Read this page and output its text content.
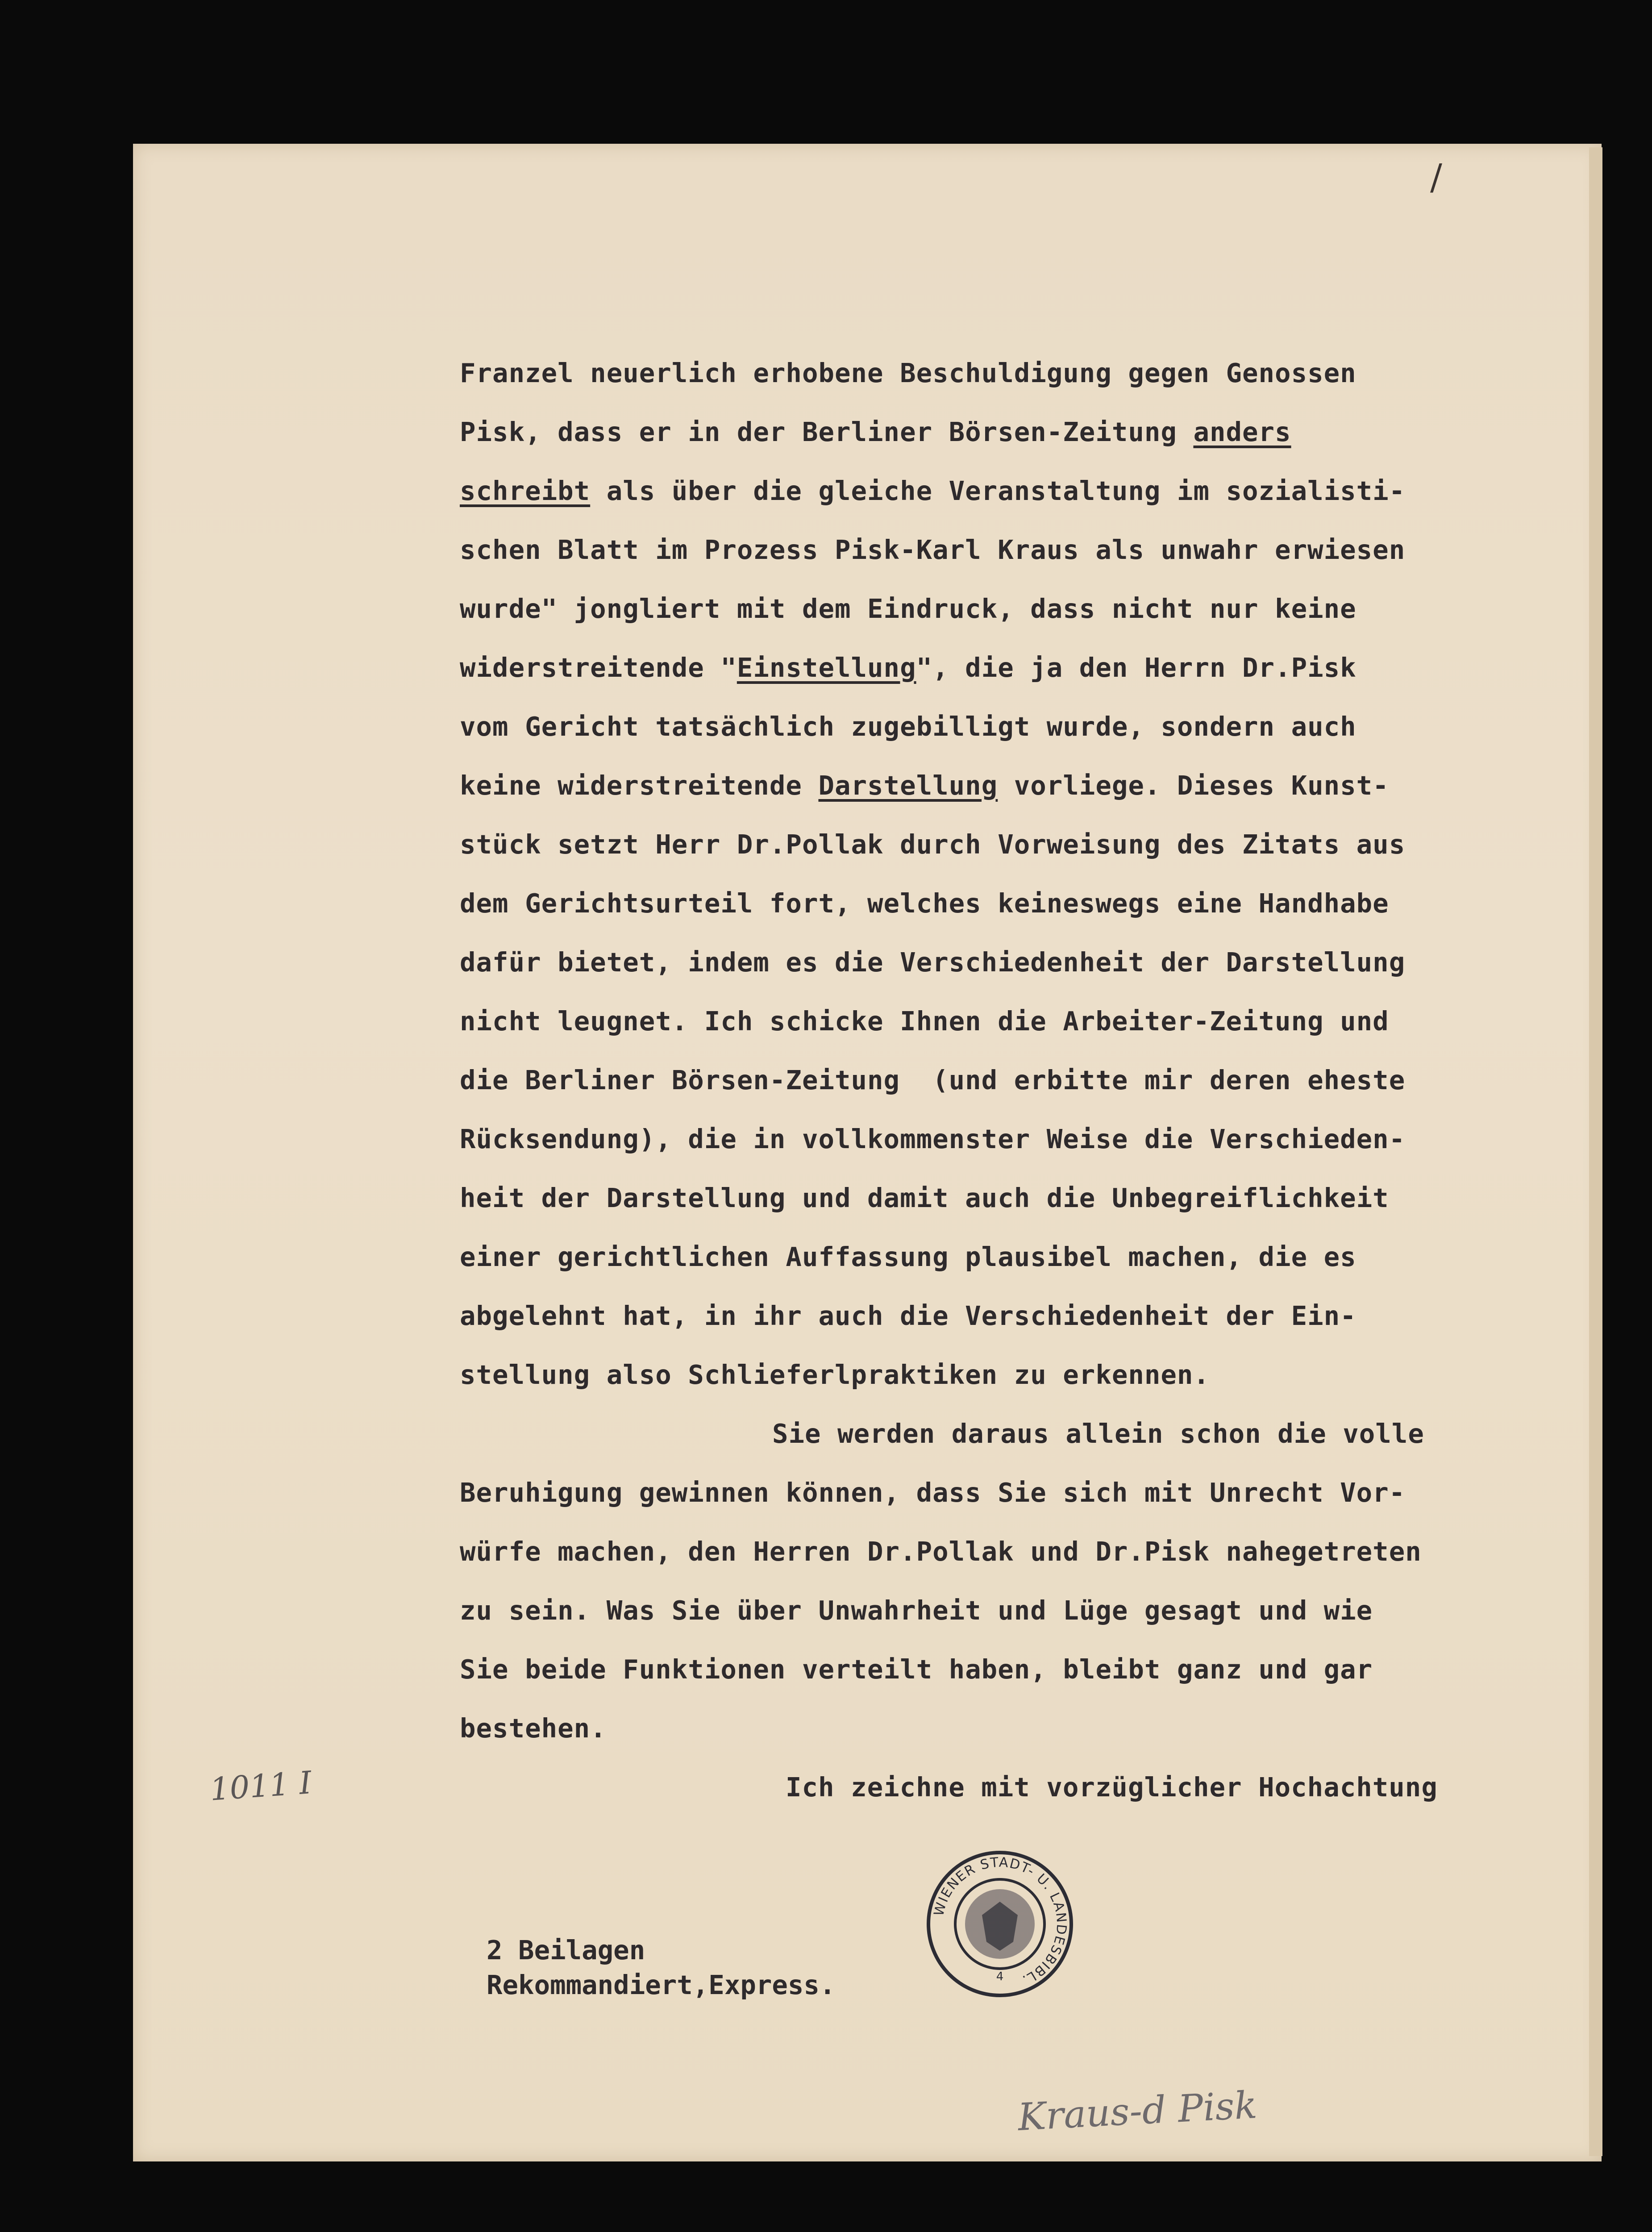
/
Franzel neuerlich erhobene Beschuldigung gegen Genossen
Pisk, dass er in der Berliner Börsen-Zeitung anders
schreibt als über die gleiche Veranstaltung im sozialisti-
schen Blatt im Prozess Pisk-Karl Kraus als unwahr erwiesen
wurde" jongliert mit dem Eindruck, dass nicht nur keine
widerstreitende "Einstellung", die ja den Herrn Dr.Pisk
vom Gericht tatsächlich zugebilligt wurde, sondern auch
keine widerstreitende Darstellung vorliege. Dieses Kunst-
stück setzt Herr Dr.Pollak durch Vorweisung des Zitats aus
dem Gerichtsurteil fort, welches keineswegs eine Handhabe
dafür bietet, indem es die Verschiedenheit der Darstellung
nicht leugnet. Ich schicke Ihnen die Arbeiter-Zeitung und
die Berliner Börsen-Zeitung  (und erbitte mir deren eheste
Rücksendung), die in vollkommenster Weise die Verschieden-
heit der Darstellung und damit auch die Unbegreiflichkeit
einer gerichtlichen Auffassung plausibel machen, die es
abgelehnt hat, in ihr auch die Verschiedenheit der Ein-
stellung also Schlieferlpraktiken zu erkennen.
Sie werden daraus allein schon die volle
Beruhigung gewinnen können, dass Sie sich mit Unrecht Vor-
würfe machen, den Herren Dr.Pollak und Dr.Pisk nahegetreten
zu sein. Was Sie über Unwahrheit und Lüge gesagt und wie
Sie beide Funktionen verteilt haben, bleibt ganz und gar
bestehen.
Ich zeichne mit vorzüglicher Hochachtung
1011 I
WIENER STADT- U. LANDESBIBL.
4
2 Beilagen
Rekommandiert,Express.
Kraus-d Pisk
